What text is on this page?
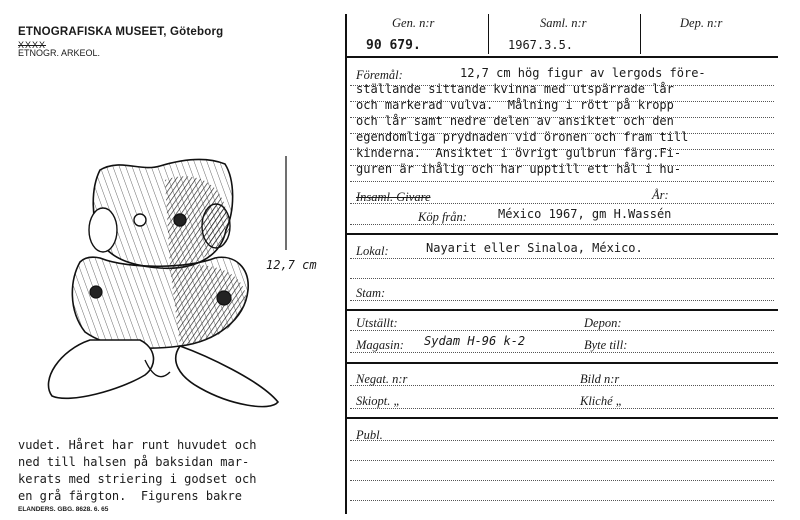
ETNOGRAFISKA MUSEET, Göteborg
XXXX
ETNOGR. ARKEOL.
Gen. n:r	Saml. n:r	Dep. n:r
90 679.	1967.3.5.
Föremål:	12,7 cm hög figur av lergods före-
ställande sittande kvinna med utspärrade lår
och markerad vulva.  Målning i rött på kropp
och lår samt nedre delen av ansiktet och den
egendomliga prydnaden vid öronen och fram till
kinderna.  Ansiktet i övrigt gulbrun färg.Fi-
guren är ihålig och har upptill ett hål i hu-
Insaml. Givare	År:
Köp från:	México 1967, gm H.Wassén
Lokal:	Nayarit eller Sinaloa, México.
Stam:
Utställt:	Depon:
Magasin: Sydam H-96 k-2	Byte till:
Negat. n:r	Bild n:r
Skiopt. „	Kliché „
Publ.
12,7 cm
vudet. Håret har runt huvudet och
ned till halsen på baksidan mar-
kerats med striering i godset och
en grå färgton.  Figurens bakre
ELANDERS. GBG. 8628. 6. 65
